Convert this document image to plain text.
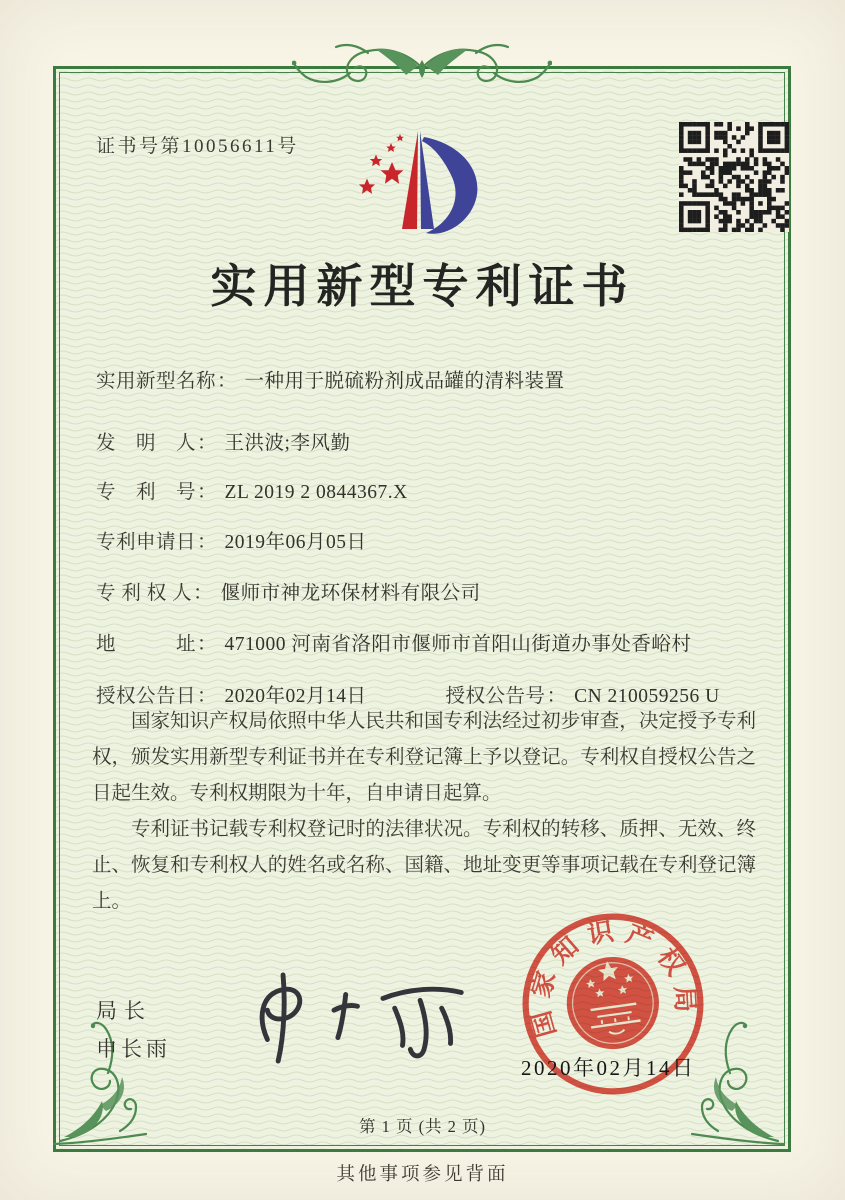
证书号第10056611号
实用新型专利证书
实用新型名称 ： 一种用于脱硫粉剂成品罐的清料装置
发　明　人 ： 王洪波;李风勤
专　利　号 ： ZL 2019 2 0844367.X
专利申请日 ： 2019年06月05日
专 利 权 人 ： 偃师市神龙环保材料有限公司
地　　　址 ： 471000 河南省洛阳市偃师市首阳山街道办事处香峪村
授权公告日 ： 2020年02月14日	授权公告号 ： CN 210059256 U

国家知识产权局依照中华人民共和国专利法经过初步审查，决定授予专利权，颁发实用新型专利证书并在专利登记簿上予以登记。专利权自授权公告之日起生效。专利权期限为十年，自申请日起算。

专利证书记载专利权登记时的法律状况。专利权的转移、质押、无效、终止、恢复和专利权人的姓名或名称、国籍、地址变更等事项记载在专利登记簿上。

局长
申长雨
国家知识产权局
2020年02月14日
第 1 页 (共 2 页)
其他事项参见背面
